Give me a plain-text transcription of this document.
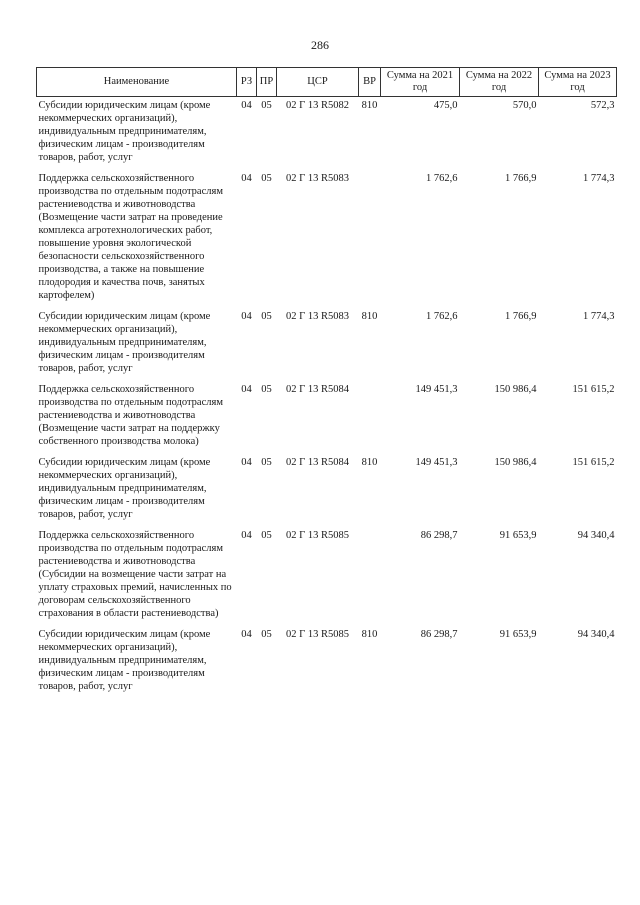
286
Наименование	РЗ	ПР	ЦСР	ВР	Сумма на 2021 год	Сумма на 2022 год	Сумма на 2023 год
Субсидии юридическим лицам (кроме некоммерческих организаций), индивидуальным предпринимателям, физическим лицам - производителям товаров, работ, услуг	04	05	02 Г 13 R5082	810	475,0	570,0	572,3
Поддержка сельскохозяйственного производства по отдельным подотраслям растениеводства и животноводства (Возмещение части затрат на проведение комплекса агротехнологических работ, повышение уровня экологической безопасности сельскохозяйственного производства, а также на повышение плодородия и качества почв, занятых картофелем)	04	05	02 Г 13 R5083		1 762,6	1 766,9	1 774,3
Субсидии юридическим лицам (кроме некоммерческих организаций), индивидуальным предпринимателям, физическим лицам - производителям товаров, работ, услуг	04	05	02 Г 13 R5083	810	1 762,6	1 766,9	1 774,3
Поддержка сельскохозяйственного производства по отдельным подотраслям растениеводства и животноводства (Возмещение части затрат на поддержку собственного производства молока)	04	05	02 Г 13 R5084		149 451,3	150 986,4	151 615,2
Субсидии юридическим лицам (кроме некоммерческих организаций), индивидуальным предпринимателям, физическим лицам - производителям товаров, работ, услуг	04	05	02 Г 13 R5084	810	149 451,3	150 986,4	151 615,2
Поддержка сельскохозяйственного производства по отдельным подотраслям растениеводства и животноводства (Субсидии на возмещение части затрат на уплату страховых премий, начисленных по договорам сельскохозяйственного страхования в области растениеводства)	04	05	02 Г 13 R5085		86 298,7	91 653,9	94 340,4
Субсидии юридическим лицам (кроме некоммерческих организаций), индивидуальным предпринимателям, физическим лицам - производителям товаров, работ, услуг	04	05	02 Г 13 R5085	810	86 298,7	91 653,9	94 340,4
